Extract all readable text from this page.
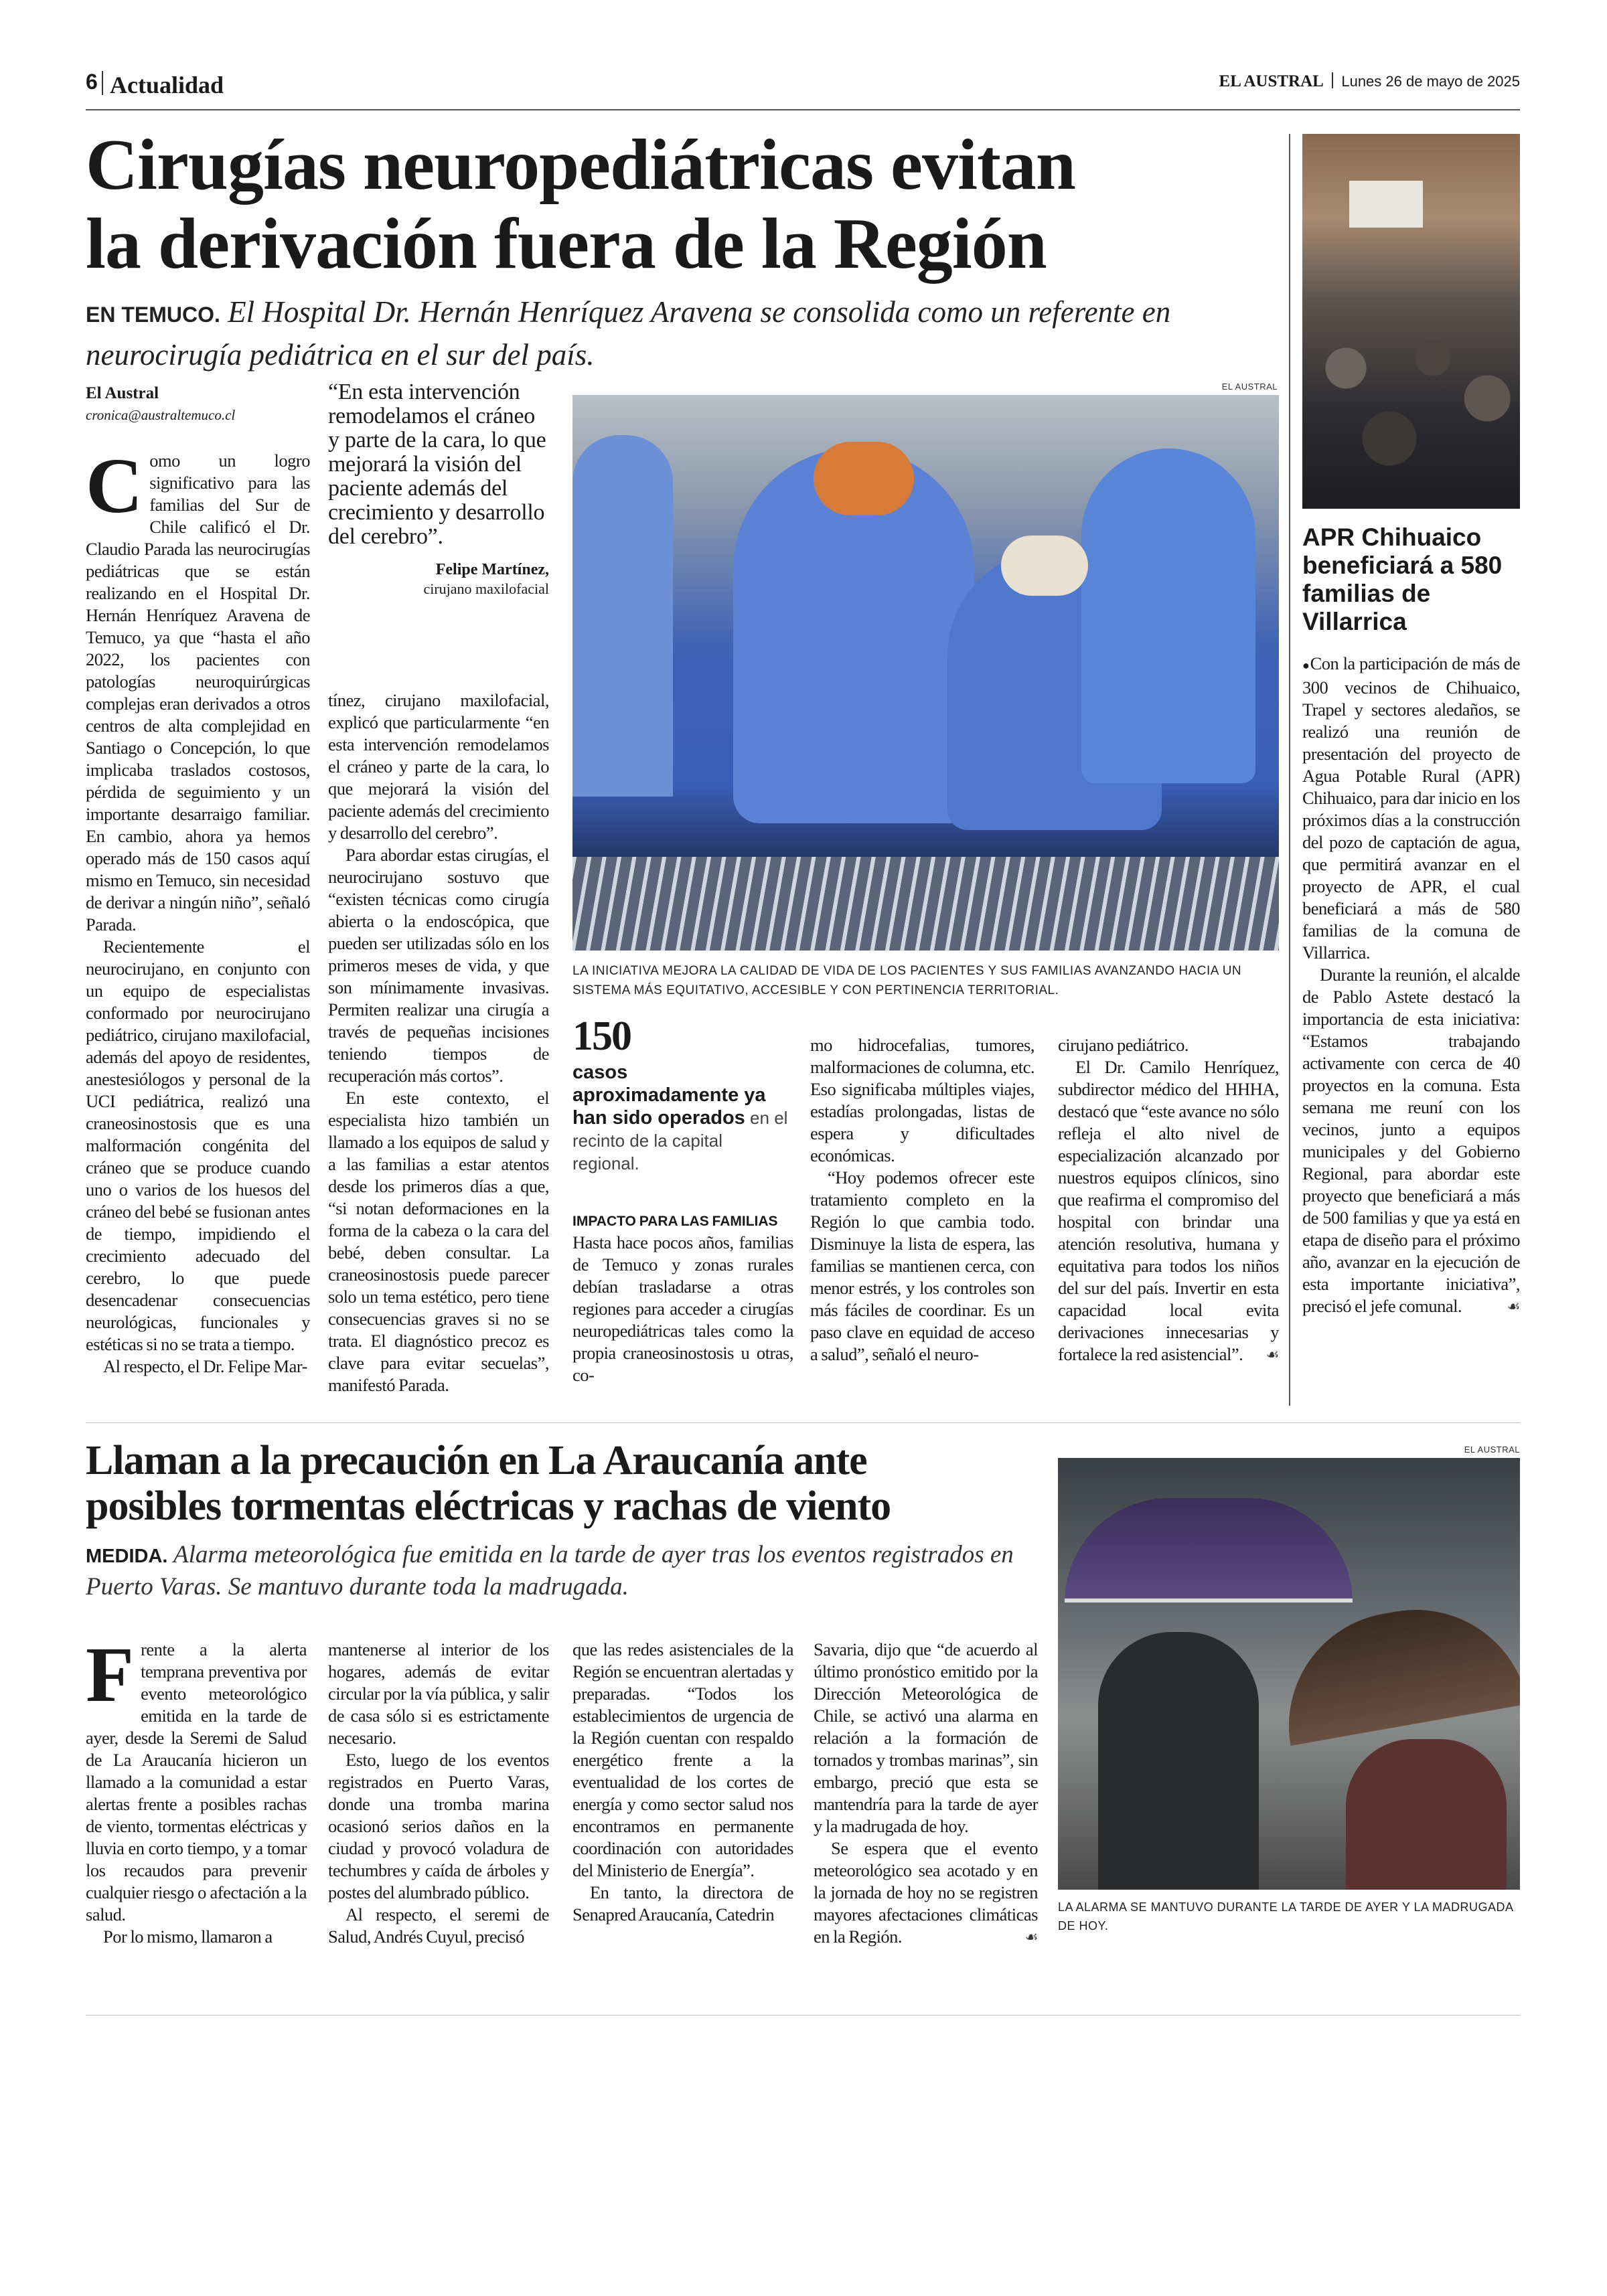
6 Actualidad	EL AUSTRAL Lunes 26 de mayo de 2025
Cirugías neuropediátricas evitan
la derivación fuera de la Región
EN TEMUCO. El Hospital Dr. Hernán Henríquez Aravena se consolida como un referente en neurocirugía pediátrica en el sur del país.
El Austral
cronica@australtemuco.cl

Como un logro significativo para las familias del Sur de Chile calificó el Dr. Claudio Parada las neurocirugías pediátricas que se están realizando en el Hospital Dr. Hernán Henríquez Aravena de Temuco, ya que “hasta el año 2022, los pacientes con patologías neuroquirúrgicas complejas eran derivados a otros centros de alta complejidad en Santiago o Concepción, lo que implicaba traslados costosos, pérdida de seguimiento y un importante desarraigo familiar. En cambio, ahora ya hemos operado más de 150 casos aquí mismo en Temuco, sin necesidad de derivar a ningún niño”, señaló Parada.

Recientemente el neurocirujano, en conjunto con un equipo de especialistas conformado por neurocirujano pediátrico, cirujano maxilofacial, además del apoyo de residentes, anestesiólogos y personal de la UCI pediátrica, realizó una craneosinostosis que es una malformación congénita del cráneo que se produce cuando uno o varios de los huesos del cráneo del bebé se fusionan antes de tiempo, impidiendo el crecimiento adecuado del cerebro, lo que puede desencadenar consecuencias neurológicas, funcionales y estéticas si no se trata a tiempo.

Al respecto, el Dr. Felipe Mar-

“En esta intervención remodelamos el cráneo y parte de la cara, lo que mejorará la visión del paciente además del crecimiento y desarrollo del cerebro”.
Felipe Martínez,
cirujano maxilofacial

tínez, cirujano maxilofacial, explicó que particularmente “en esta intervención remodelamos el cráneo y parte de la cara, lo que mejorará la visión del paciente además del crecimiento y desarrollo del cerebro”.

Para abordar estas cirugías, el neurocirujano sostuvo que “existen técnicas como cirugía abierta o la endoscópica, que pueden ser utilizadas sólo en los primeros meses de vida, y que son mínimamente invasivas. Permiten realizar una cirugía a través de pequeñas incisiones teniendo tiempos de recuperación más cortos”.

En este contexto, el especialista hizo también un llamado a los equipos de salud y a las familias a estar atentos desde los primeros días a que, “si notan deformaciones en la forma de la cabeza o la cara del bebé, deben consultar. La craneosinostosis puede parecer solo un tema estético, pero tiene consecuencias graves si no se trata. El diagnóstico precoz es clave para evitar secuelas”, manifestó Parada.

EL AUSTRAL
LA INICIATIVA MEJORA LA CALIDAD DE VIDA DE LOS PACIENTES Y SUS FAMILIAS AVANZANDO HACIA UN SISTEMA MÁS EQUITATIVO, ACCESIBLE Y CON PERTINENCIA TERRITORIAL.
150
casos aproximadamente ya han sido operados en el recinto de la capital regional.
IMPACTO PARA LAS FAMILIAS

Hasta hace pocos años, familias de Temuco y zonas rurales debían trasladarse a otras regiones para acceder a cirugías neuropediátricas tales como la propia craneosinostosis u otras, co-

mo hidrocefalias, tumores, malformaciones de columna, etc. Eso significaba múltiples viajes, estadías prolongadas, listas de espera y dificultades económicas.

“Hoy podemos ofrecer este tratamiento completo en la Región lo que cambia todo. Disminuye la lista de espera, las familias se mantienen cerca, con menor estrés, y los controles son más fáciles de coordinar. Es un paso clave en equidad de acceso a salud”, señaló el neuro-

cirujano pediátrico.

El Dr. Camilo Henríquez, subdirector médico del HHHA, destacó que “este avance no sólo refleja el alto nivel de especialización alcanzado por nuestros equipos clínicos, sino que reafirma el compromiso del hospital con brindar una atención resolutiva, humana y equitativa para todos los niños del sur del país. Invertir en esta capacidad local evita derivaciones innecesarias y fortalece la red asistencial”.	☙

APR Chihuaico beneficiará a 580 familias de Villarrica

●Con la participación de más de 300 vecinos de Chihuaico, Trapel y sectores aledaños, se realizó una reunión de presentación del proyecto de Agua Potable Rural (APR) Chihuaico, para dar inicio en los próximos días a la construcción del pozo de captación de agua, que permitirá avanzar en el proyecto de APR, el cual beneficiará a más de 580 familias de la comuna de Villarrica.

Durante la reunión, el alcalde de Pablo Astete destacó la importancia de esta iniciativa: “Estamos trabajando activamente con cerca de 40 proyectos en la comuna. Esta semana me reuní con los vecinos, junto a equipos municipales y del Gobierno Regional, para abordar este proyecto que beneficiará a más de 500 familias y que ya está en etapa de diseño para el próximo año, avanzar en la ejecución de esta importante iniciativa”, precisó el jefe comunal.	☙

Llaman a la precaución en La Araucanía ante
posibles tormentas eléctricas y rachas de viento
MEDIDA. Alarma meteorológica fue emitida en la tarde de ayer tras los eventos registrados en Puerto Varas. Se mantuvo durante toda la madrugada.

Frente a la alerta temprana preventiva por evento meteorológico emitida en la tarde de ayer, desde la Seremi de Salud de La Araucanía hicieron un llamado a la comunidad a estar alertas frente a posibles rachas de viento, tormentas eléctricas y lluvia en corto tiempo, y a tomar los recaudos para prevenir cualquier riesgo o afectación a la salud.

Por lo mismo, llamaron a

mantenerse al interior de los hogares, además de evitar circular por la vía pública, y salir de casa sólo si es estrictamente necesario.

Esto, luego de los eventos registrados en Puerto Varas, donde una tromba marina ocasionó serios daños en la ciudad y provocó voladura de techumbres y caída de árboles y postes del alumbrado público.

Al respecto, el seremi de Salud, Andrés Cuyul, precisó

que las redes asistenciales de la Región se encuentran alertadas y preparadas. “Todos los establecimientos de urgencia de la Región cuentan con respaldo energético frente a la eventualidad de los cortes de energía y como sector salud nos encontramos en permanente coordinación con autoridades del Ministerio de Energía”.

En tanto, la directora de Senapred Araucanía, Catedrin

Savaria, dijo que “de acuerdo al último pronóstico emitido por la Dirección Meteorológica de Chile, se activó una alarma en relación a la formación de tornados y trombas marinas”, sin embargo, preció que esta se mantendría para la tarde de ayer y la madrugada de hoy.

Se espera que el evento meteorológico sea acotado y en la jornada de hoy no se registren mayores afectaciones climáticas en la Región.	☙

EL AUSTRAL
LA ALARMA SE MANTUVO DURANTE LA TARDE DE AYER Y LA MADRUGADA DE HOY.
